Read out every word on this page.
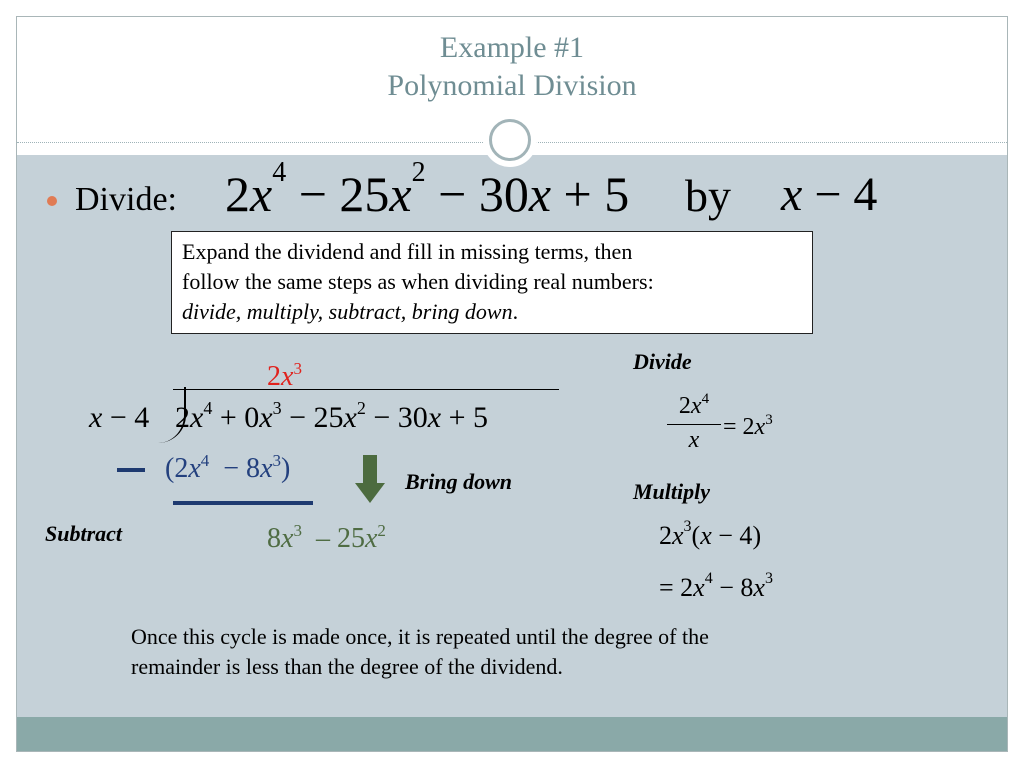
Example #1
Polynomial Division
Divide: $2x^4 - 25x^2 - 30x + 5$ by x − 4
Expand the dividend and fill in missing terms, then
follow the same steps as when dividing real numbers:
divide, multiply, subtract, bring down.
$2x^3$
x − 4 $2x^4 + 0x^3 - 25x^2 - 30x + 5$
$(2x^4 - 8x^3)$	Bring down
Subtract	$8x^3 - 25x^2$
Divide
$2x^4$
$x = 2x^3$
Multiply
$2x^3(x - 4)$
= $2x^4 - 8x^3$
Once this cycle is made once, it is repeated until the degree of the
remainder is less than the degree of the dividend.
